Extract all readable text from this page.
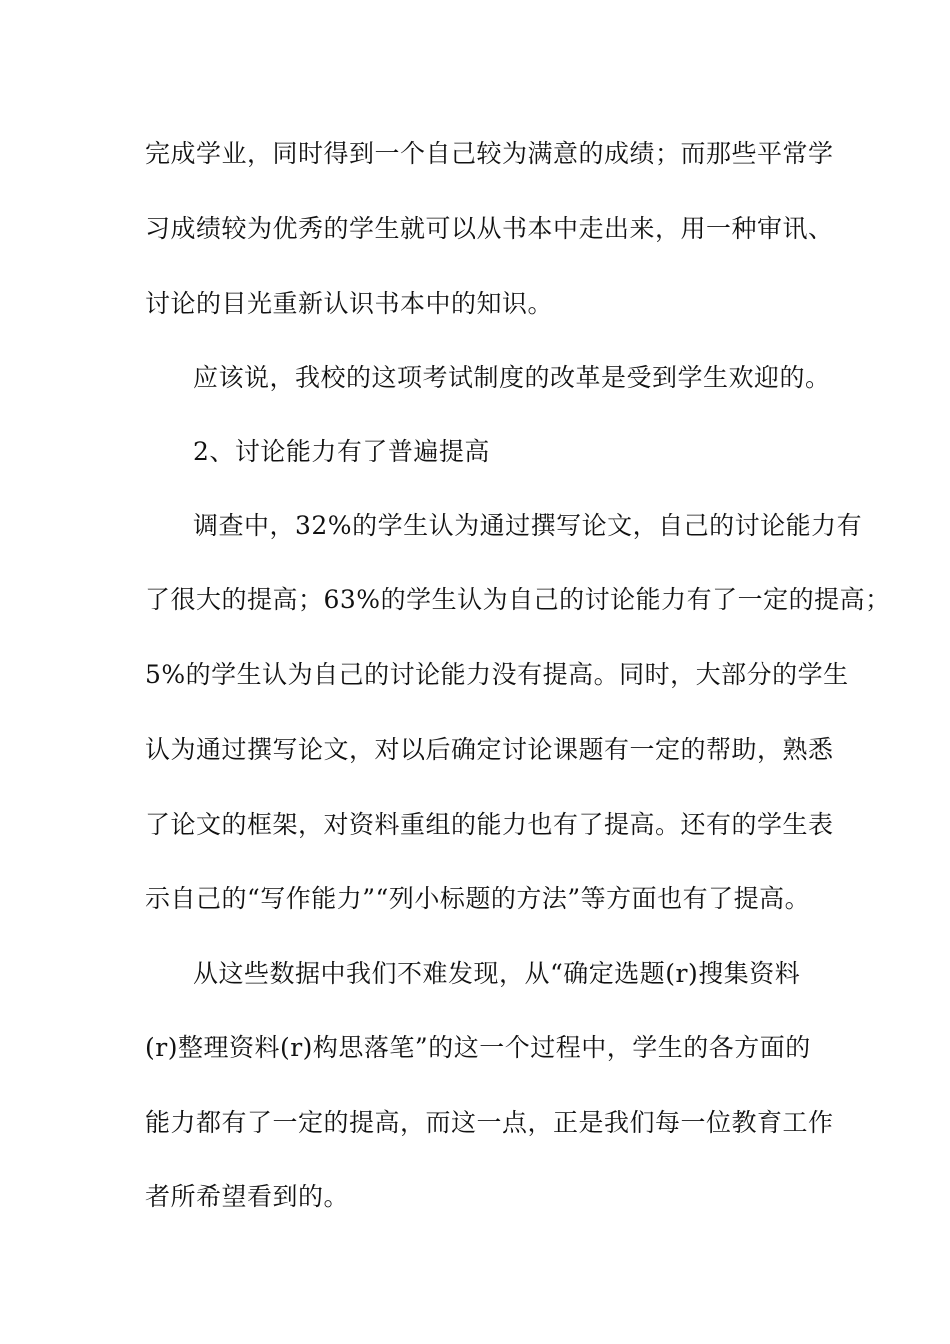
完成学业，同时得到一个自己较为满意的成绩；而那些平常学
习成绩较为优秀的学生就可以从书本中走出来，用一种审讯、
讨论的目光重新认识书本中的知识。
应该说，我校的这项考试制度的改革是受到学生欢迎的。
2、讨论能力有了普遍提高
调查中，32%的学生认为通过撰写论文，自己的讨论能力有
了很大的提高；63%的学生认为自己的讨论能力有了一定的提高；
5%的学生认为自己的讨论能力没有提高。同时，大部分的学生
认为通过撰写论文，对以后确定讨论课题有一定的帮助，熟悉
了论文的框架，对资料重组的能力也有了提高。还有的学生表
示自己的“写作能力”“列小标题的方法”等方面也有了提高。
从这些数据中我们不难发现，从“确定选题(r)搜集资料
(r)整理资料(r)构思落笔”的这一个过程中，学生的各方面的
能力都有了一定的提高，而这一点，正是我们每一位教育工作
者所希望看到的。
